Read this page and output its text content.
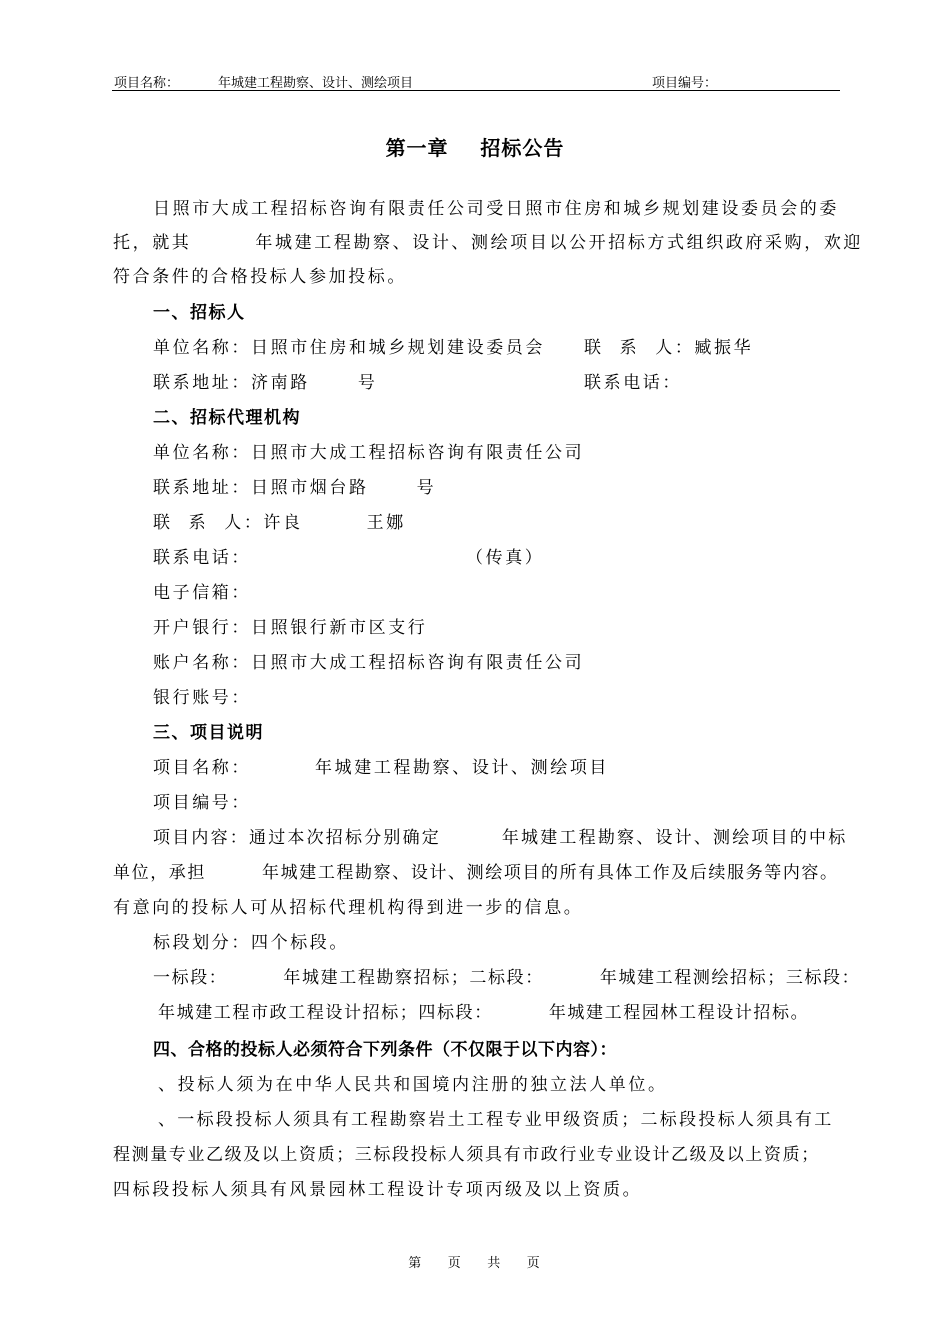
项目名称：	年城建工程勘察、设计、测绘项目	项目编号：
第一章    招标公告
日照市大成工程招标咨询有限责任公司受日照市住房和城乡规划建设委员会的委
托，就其        年城建工程勘察、设计、测绘项目以公开招标方式组织政府采购，欢迎
符合条件的合格投标人参加投标。
一、招标人
单位名称：日照市住房和城乡规划建设委员会 联  系  人：臧振华
联系地址：济南路      号	联系电话：
二、招标代理机构
单位名称：日照市大成工程招标咨询有限责任公司
联系地址：日照市烟台路      号
联  系  人：许良        王娜
联系电话：	（传真）
电子信箱：
开户银行：日照银行新市区支行
账户名称：日照市大成工程招标咨询有限责任公司
银行账号：
三、项目说明
项目名称：        年城建工程勘察、设计、测绘项目
项目编号：
项目内容：通过本次招标分别确定        年城建工程勘察、设计、测绘项目的中标
单位，承担        年城建工程勘察、设计、测绘项目的所有具体工作及后续服务等内容。
有意向的投标人可从招标代理机构得到进一步的信息。
标段划分：四个标段。
一标段：        年城建工程勘察招标；二标段：        年城建工程测绘招标；三标段：
年城建工程市政工程设计招标；四标段：        年城建工程园林工程设计招标。
四、合格的投标人必须符合下列条件（不仅限于以下内容）：
、投标人须为在中华人民共和国境内注册的独立法人单位。
、一标段投标人须具有工程勘察岩土工程专业甲级资质；二标段投标人须具有工
程测量专业乙级及以上资质；三标段投标人须具有市政行业专业设计乙级及以上资质；
四标段投标人须具有风景园林工程设计专项丙级及以上资质。
第    页    共    页
